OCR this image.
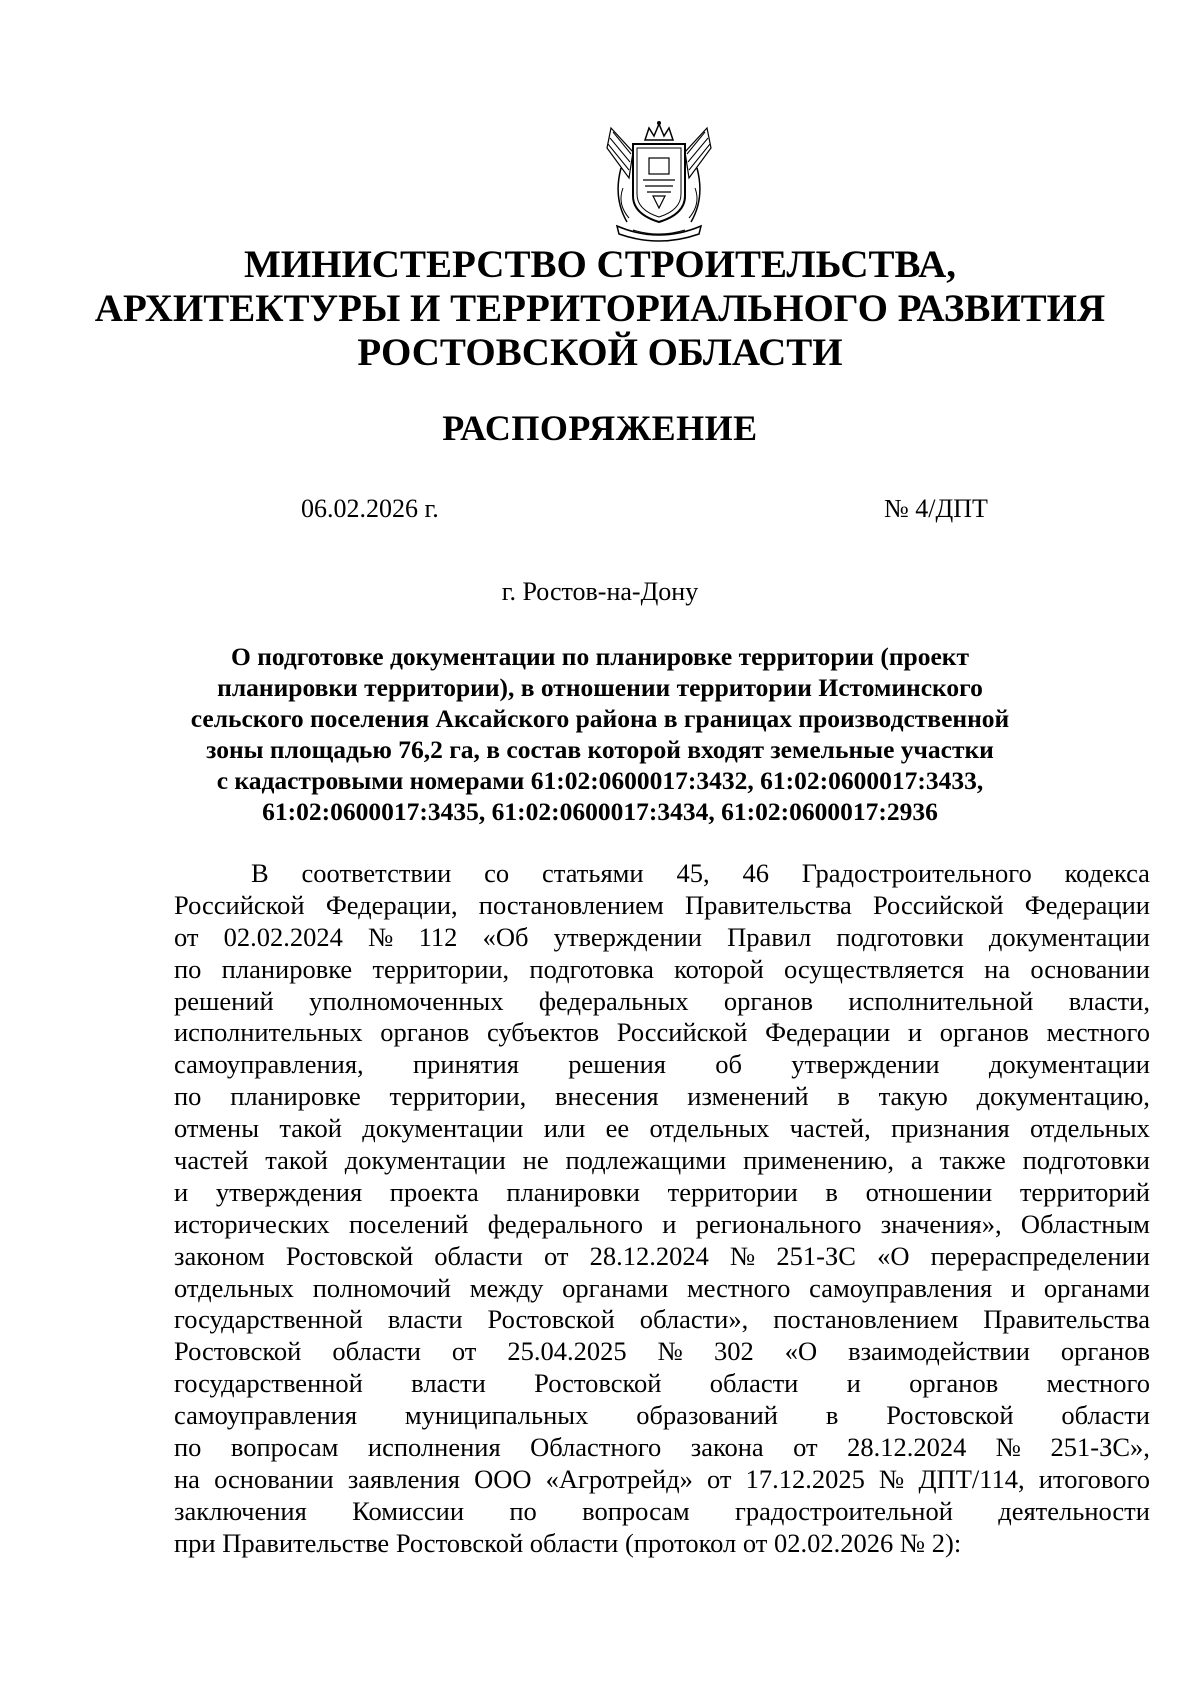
МИНИСТЕРСТВО СТРОИТЕЛЬСТВА,
АРХИТЕКТУРЫ И ТЕРРИТОРИАЛЬНОГО РАЗВИТИЯ
РОСТОВСКОЙ ОБЛАСТИ
РАСПОРЯЖЕНИЕ
06.02.2026 г.	№ 4/ДПТ
г. Ростов-на-Дону
О подготовке документации по планировке территории (проект
планировки территории), в отношении территории Истоминского
сельского поселения Аксайского района в границах производственной
зоны площадью 76,2 га, в состав которой входят земельные участки
с кадастровыми номерами 61:02:0600017:3432, 61:02:0600017:3433,
61:02:0600017:3435, 61:02:0600017:3434, 61:02:0600017:2936
В соответствии со статьями 45, 46 Градостроительного кодекса
Российской Федерации, постановлением Правительства Российской Федерации
от 02.02.2024 № 112 «Об утверждении Правил подготовки документации
по планировке территории, подготовка которой осуществляется на основании
решений уполномоченных федеральных органов исполнительной власти,
исполнительных органов субъектов Российской Федерации и органов местного
самоуправления, принятия решения об утверждении документации
по планировке территории, внесения изменений в такую документацию,
отмены такой документации или ее отдельных частей, признания отдельных
частей такой документации не подлежащими применению, а также подготовки
и утверждения проекта планировки территории в отношении территорий
исторических поселений федерального и регионального значения», Областным
законом Ростовской области от 28.12.2024 № 251-ЗС «О перераспределении
отдельных полномочий между органами местного самоуправления и органами
государственной власти Ростовской области», постановлением Правительства
Ростовской области от 25.04.2025 № 302 «О взаимодействии органов
государственной власти Ростовской области и органов местного
самоуправления муниципальных образований в Ростовской области
по вопросам исполнения Областного закона от 28.12.2024 № 251-ЗС»,
на основании заявления ООО «Агротрейд» от 17.12.2025 № ДПТ/114, итогового
заключения Комиссии по вопросам градостроительной деятельности
при Правительстве Ростовской области (протокол от 02.02.2026 № 2):
